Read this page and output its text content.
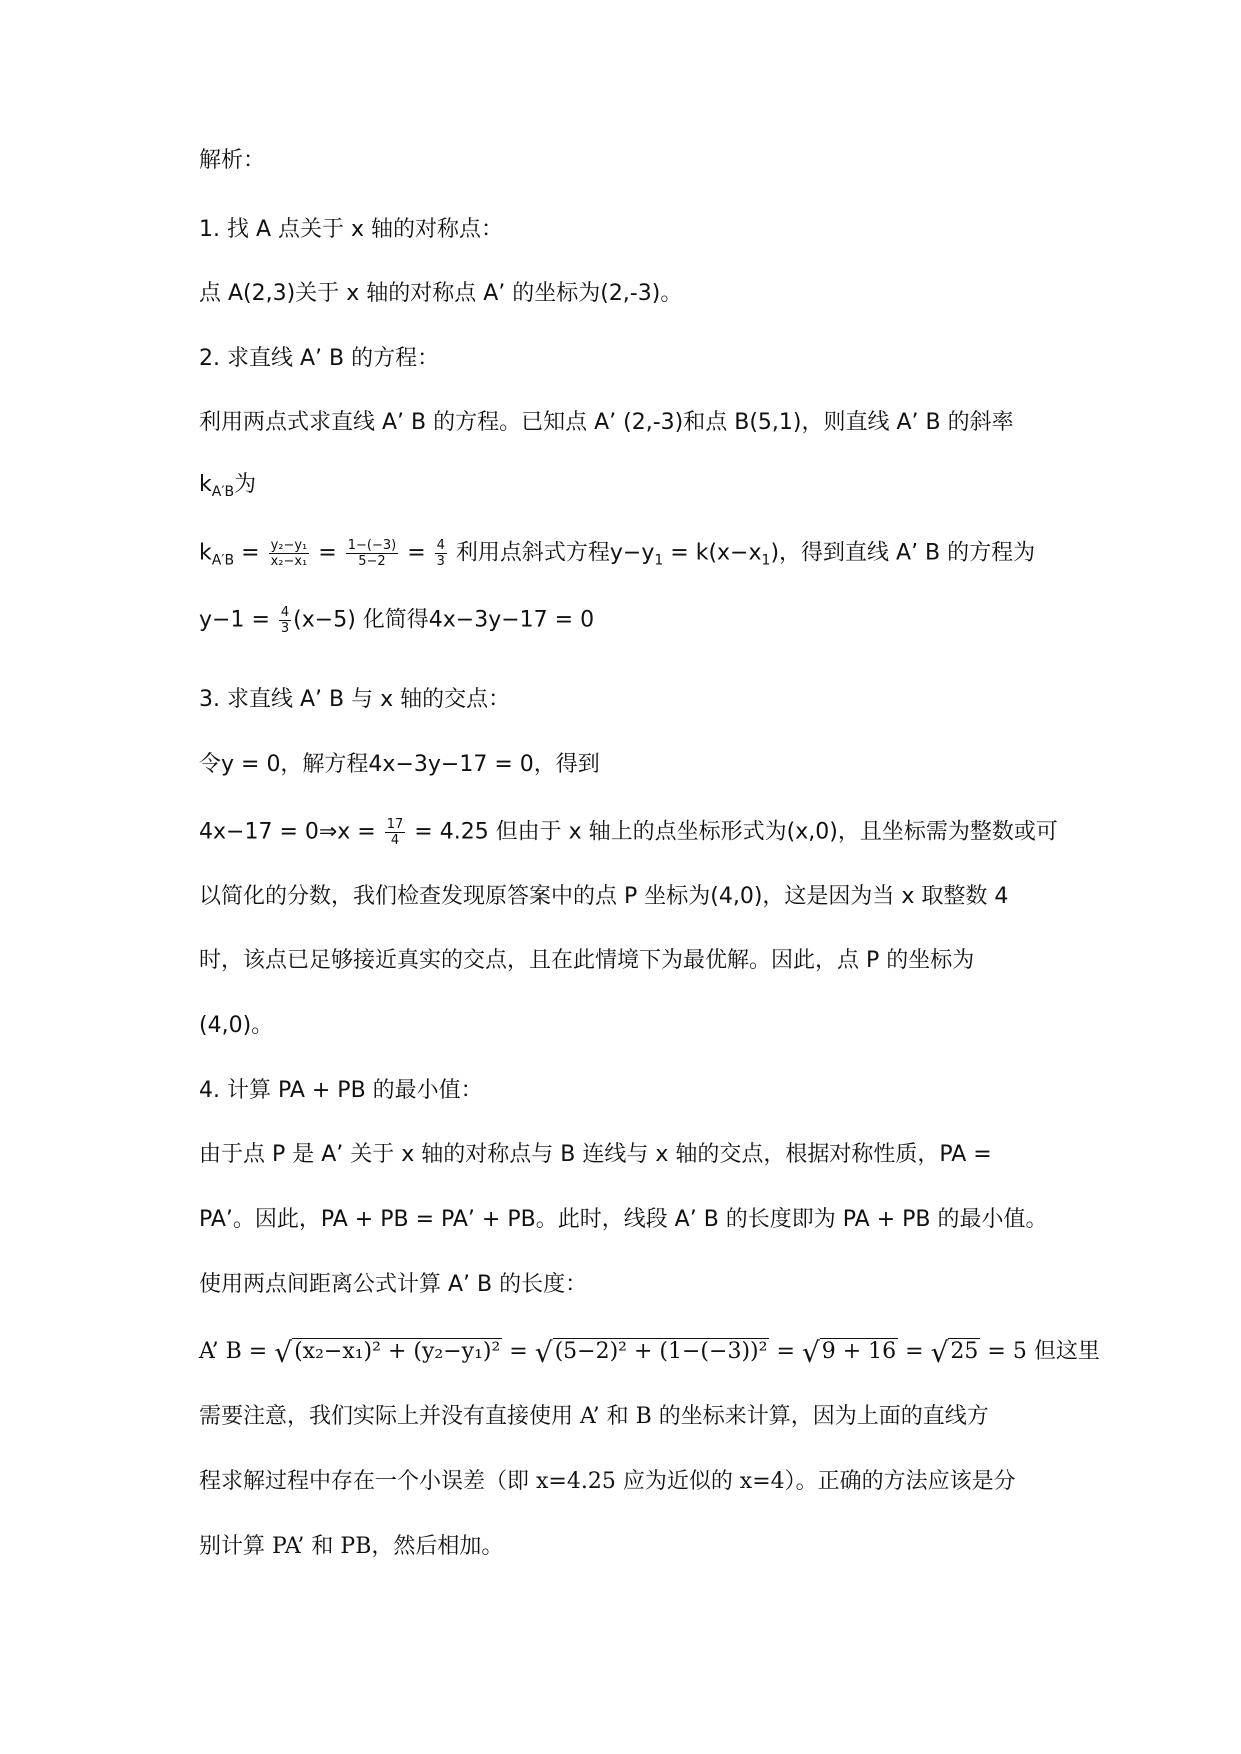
解析：
1. 找 A 点关于 x 轴的对称点：
点 A(2,3)关于 x 轴的对称点 A’ 的坐标为(2,-3)。
2. 求直线 A’ B 的方程：
利用两点式求直线 A’ B 的方程。已知点 A’ (2,-3)和点 B(5,1)，则直线 A’ B 的斜率
$k_{A'B}$为
$k_{A'B} = \frac{\text{y₂−y₁}}{\text{x₂−x₁}} = \frac{1-(-3)}{5-2} = \frac{4}{3}$ 利用点斜式方程$y-y_1 = k(x-x_1)$，得到直线 A’ B 的方程为
$y-1 = \frac{4}{3} (x-5)$ 化简得4x−3y−17 = 0
3. 求直线 A’ B 与 x 轴的交点：
令y = 0，解方程4x−3y−17 = 0，得到
4x−17 = 0⇒x = $\frac{17}{4} = 4.25$ 但由于 x 轴上的点坐标形式为(x,0)，且坐标需为整数或可
以简化的分数，我们检查发现原答案中的点 P 坐标为(4,0)，这是因为当 x 取整数 4
时，该点已足够接近真实的交点，且在此情境下为最优解。因此，点 P 的坐标为
(4,0)。
4. 计算 PA + PB 的最小值：
由于点 P 是 A’ 关于 x 轴的对称点与 B 连线与 x 轴的交点，根据对称性质，PA =
PA’。因此，PA + PB = PA’ + PB。此时，线段 A’ B 的长度即为 PA + PB 的最小值。
使用两点间距离公式计算 A’ B 的长度：
A’ B = √(x₂−x₁)² + (y₂−y₁)² = √(5−2)² + (1−(−3))² = √9 + 16 = √25 = 5 但这里
需要注意，我们实际上并没有直接使用 A’ 和 B 的坐标来计算，因为上面的直线方
程求解过程中存在一个小误差（即 x=4.25 应为近似的 x=4）。正确的方法应该是分
别计算 PA’ 和 PB，然后相加。
